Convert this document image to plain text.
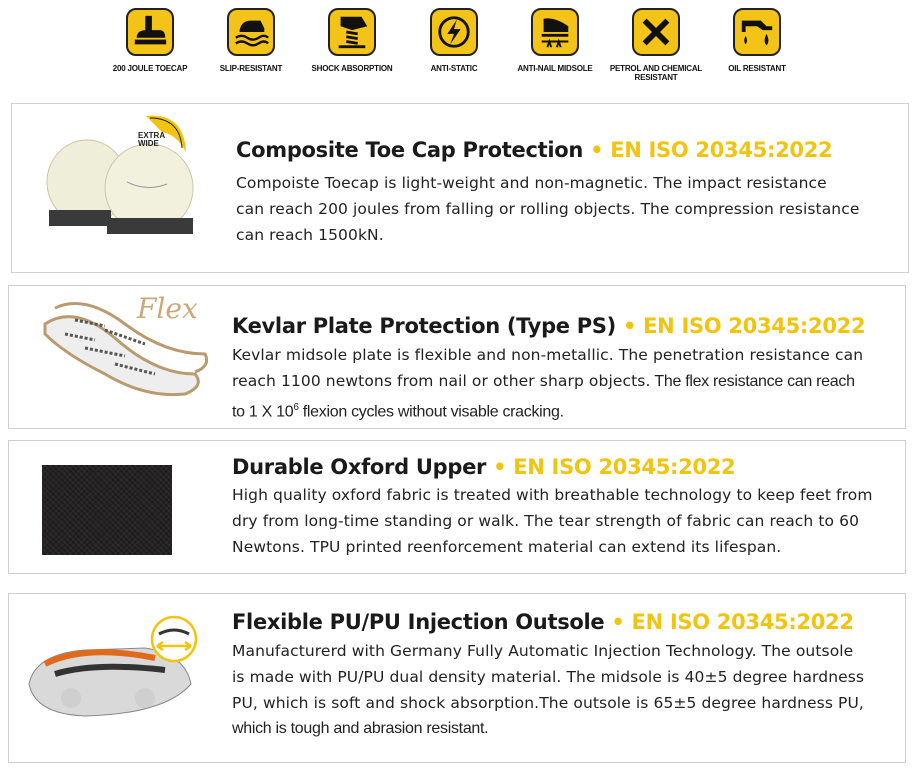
200 JOULE TOECAP	SLIP-RESISTANT	SHOCK ABSORPTION	ANTI-STATIC	ANTI-NAIL MIDSOLE	PETROL AND CHEMICAL RESISTANT
OIL RESISTANT
EXTRA WIDE	Composite Toe Cap Protection • EN ISO 20345:2022
Compoiste Toecap is light-weight and non-magnetic. The impact resistance
can reach 200 joules from falling or rolling objects. The compression resistance
can reach 1500kN.
Flex
Kevlar Plate Protection (Type PS) • EN ISO 20345:2022
Kevlar midsole plate is flexible and non-metallic. The penetration resistance can
reach 1100 newtons from nail or other sharp objects. The flex resistance can reach
to 1 X $10^6$ flexion cycles without visable cracking.
Durable Oxford Upper • EN ISO 20345:2022
High quality oxford fabric is treated with breathable technology to keep feet from
dry from long-time standing or walk. The tear strength of fabric can reach to 60
Newtons. TPU printed reenforcement material can extend its lifespan.
Flexible PU/PU Injection Outsole • EN ISO 20345:2022
Manufacturerd with Germany Fully Automatic Injection Technology. The outsole
is made with PU/PU dual density material. The midsole is 40±5 degree hardness
PU, which is soft and shock absorption.The outsole is 65±5 degree hardness PU,
which is tough and abrasion resistant.
